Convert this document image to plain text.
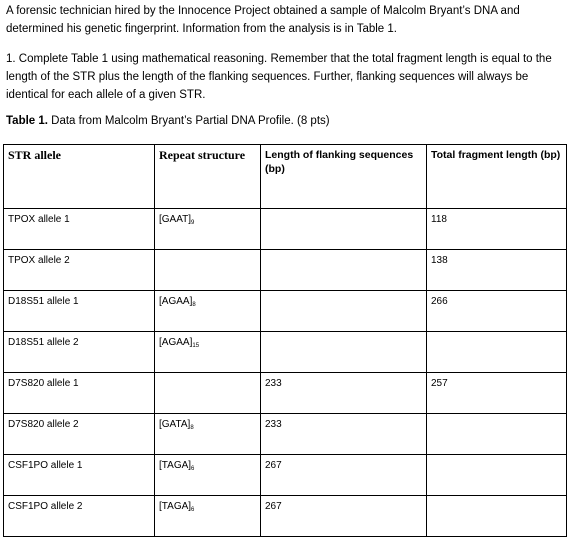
A forensic technician hired by the Innocence Project obtained a sample of Malcolm Bryant’s DNA and determined his genetic fingerprint. Information from the analysis is in Table 1.

1. Complete Table 1 using mathematical reasoning. Remember that the total fragment length is equal to the length of the STR plus the length of the flanking sequences. Further, flanking sequences will always be identical for each allele of a given STR.

Table 1. Data from Malcolm Bryant’s Partial DNA Profile. (8 pts)

STR allele	Repeat structure	Length of flanking sequences (bp)	Total fragment length (bp)
TPOX allele 1	$[GAAT]_9$		118
TPOX allele 2			138
D18S51 allele 1	$[AGAA]_8$		266
D18S51 allele 2	$[AGAA]_{15}$		
D7S820 allele 1		233	257
D7S820 allele 2	$[GATA]_8$	233	
CSF1PO allele 1	$[TAGA]_6$	267	
CSF1PO allele 2	$[TAGA]_6$	267	
